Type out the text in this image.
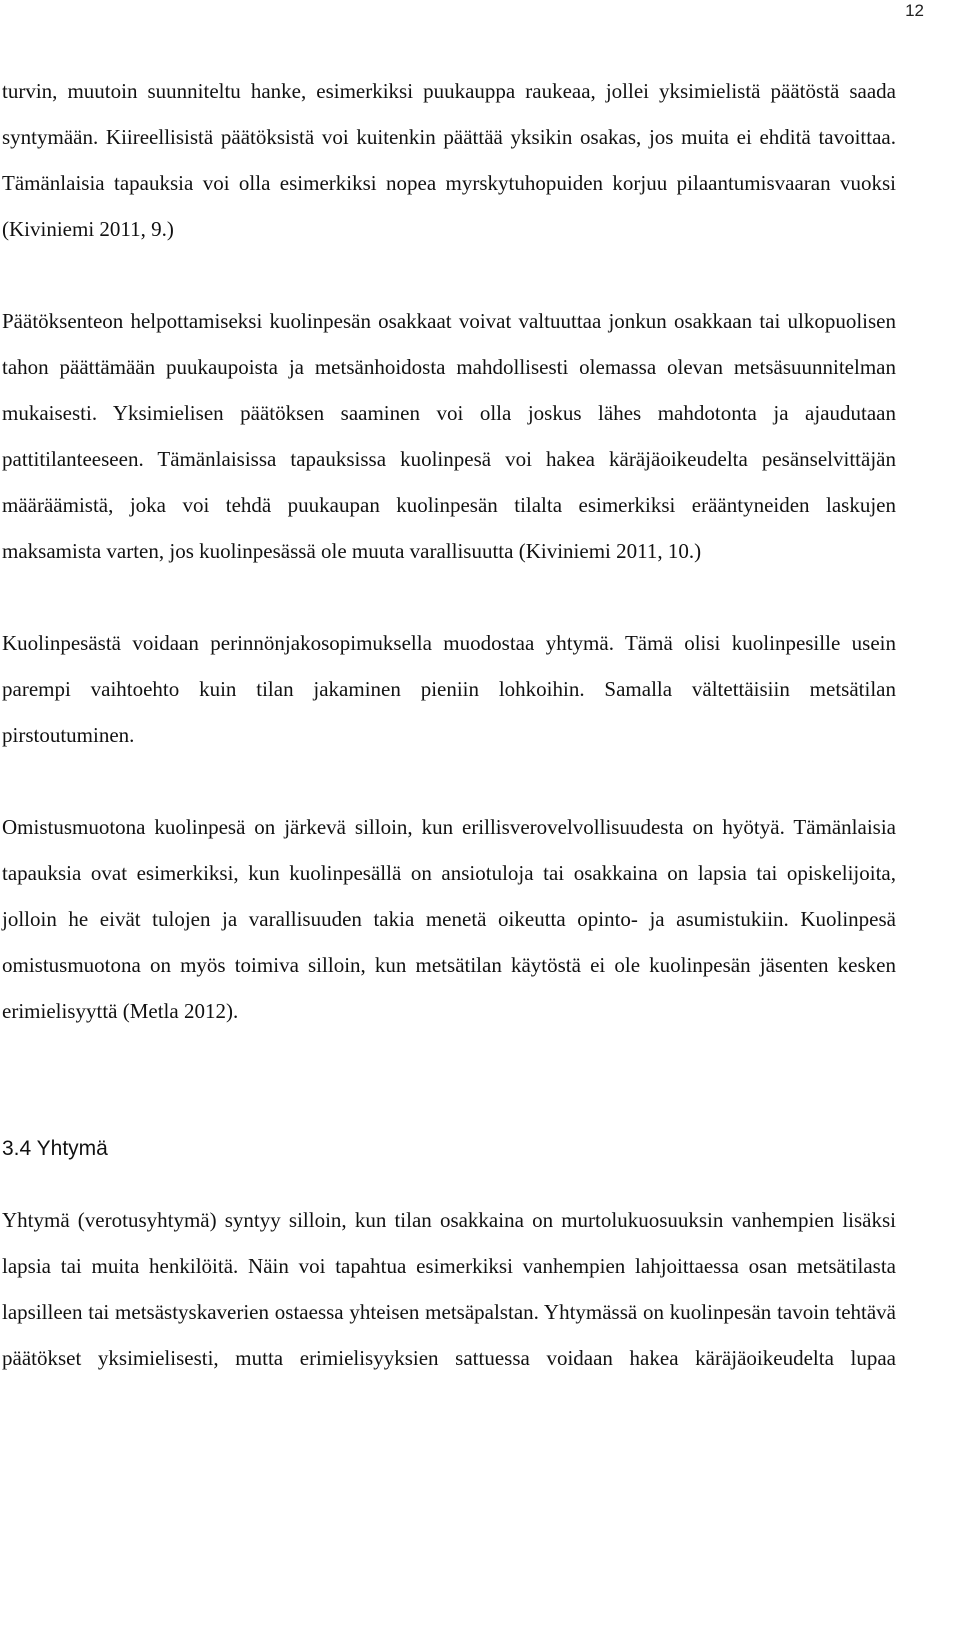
12

turvin, muutoin suunniteltu hanke, esimerkiksi puukauppa raukeaa, jollei yksimielistä päätöstä saada syntymään. Kiireellisistä päätöksistä voi kuitenkin päättää yksikin osakas, jos muita ei ehditä tavoittaa. Tämänlaisia tapauksia voi olla esimerkiksi nopea myrskytuhopuiden korjuu pilaantumisvaaran vuoksi (Kiviniemi 2011, 9.)

Päätöksenteon helpottamiseksi kuolinpesän osakkaat voivat valtuuttaa jonkun osakkaan tai ulkopuolisen tahon päättämään puukaupoista ja metsänhoidosta mahdollisesti olemassa olevan metsäsuunnitelman mukaisesti. Yksimielisen päätöksen saaminen voi olla joskus lähes mahdotonta ja ajaudutaan pattitilanteeseen. Tämänlaisissa tapauksissa kuolinpesä voi hakea käräjäoikeudelta pesänselvittäjän määräämistä, joka voi tehdä puukaupan kuolinpesän tilalta esimerkiksi erääntyneiden laskujen maksamista varten, jos kuolinpesässä ole muuta varallisuutta (Kiviniemi 2011, 10.)

Kuolinpesästä voidaan perinnönjakosopimuksella muodostaa yhtymä. Tämä olisi kuolinpesille usein parempi vaihtoehto kuin tilan jakaminen pieniin lohkoihin. Samalla vältettäisiin metsätilan pirstoutuminen.

Omistusmuotona kuolinpesä on järkevä silloin, kun erillisverovelvollisuudesta on hyötyä. Tämänlaisia tapauksia ovat esimerkiksi, kun kuolinpesällä on ansiotuloja tai osakkaina on lapsia tai opiskelijoita, jolloin he eivät tulojen ja varallisuuden takia menetä oikeutta opinto- ja asumistukiin. Kuolinpesä omistusmuotona on myös toimiva silloin, kun metsätilan käytöstä ei ole kuolinpesän jäsenten kesken erimielisyyttä (Metla 2012).

3.4 Yhtymä

Yhtymä (verotusyhtymä) syntyy silloin, kun tilan osakkaina on murtolukuosuuksin vanhempien lisäksi lapsia tai muita henkilöitä. Näin voi tapahtua esimerkiksi vanhempien lahjoittaessa osan metsätilasta lapsilleen tai metsästyskaverien ostaessa yhteisen metsäpalstan. Yhtymässä on kuolinpesän tavoin tehtävä päätökset yksimielisesti, mutta erimielisyyksien sattuessa voidaan hakea käräjäoikeudelta lupaa
